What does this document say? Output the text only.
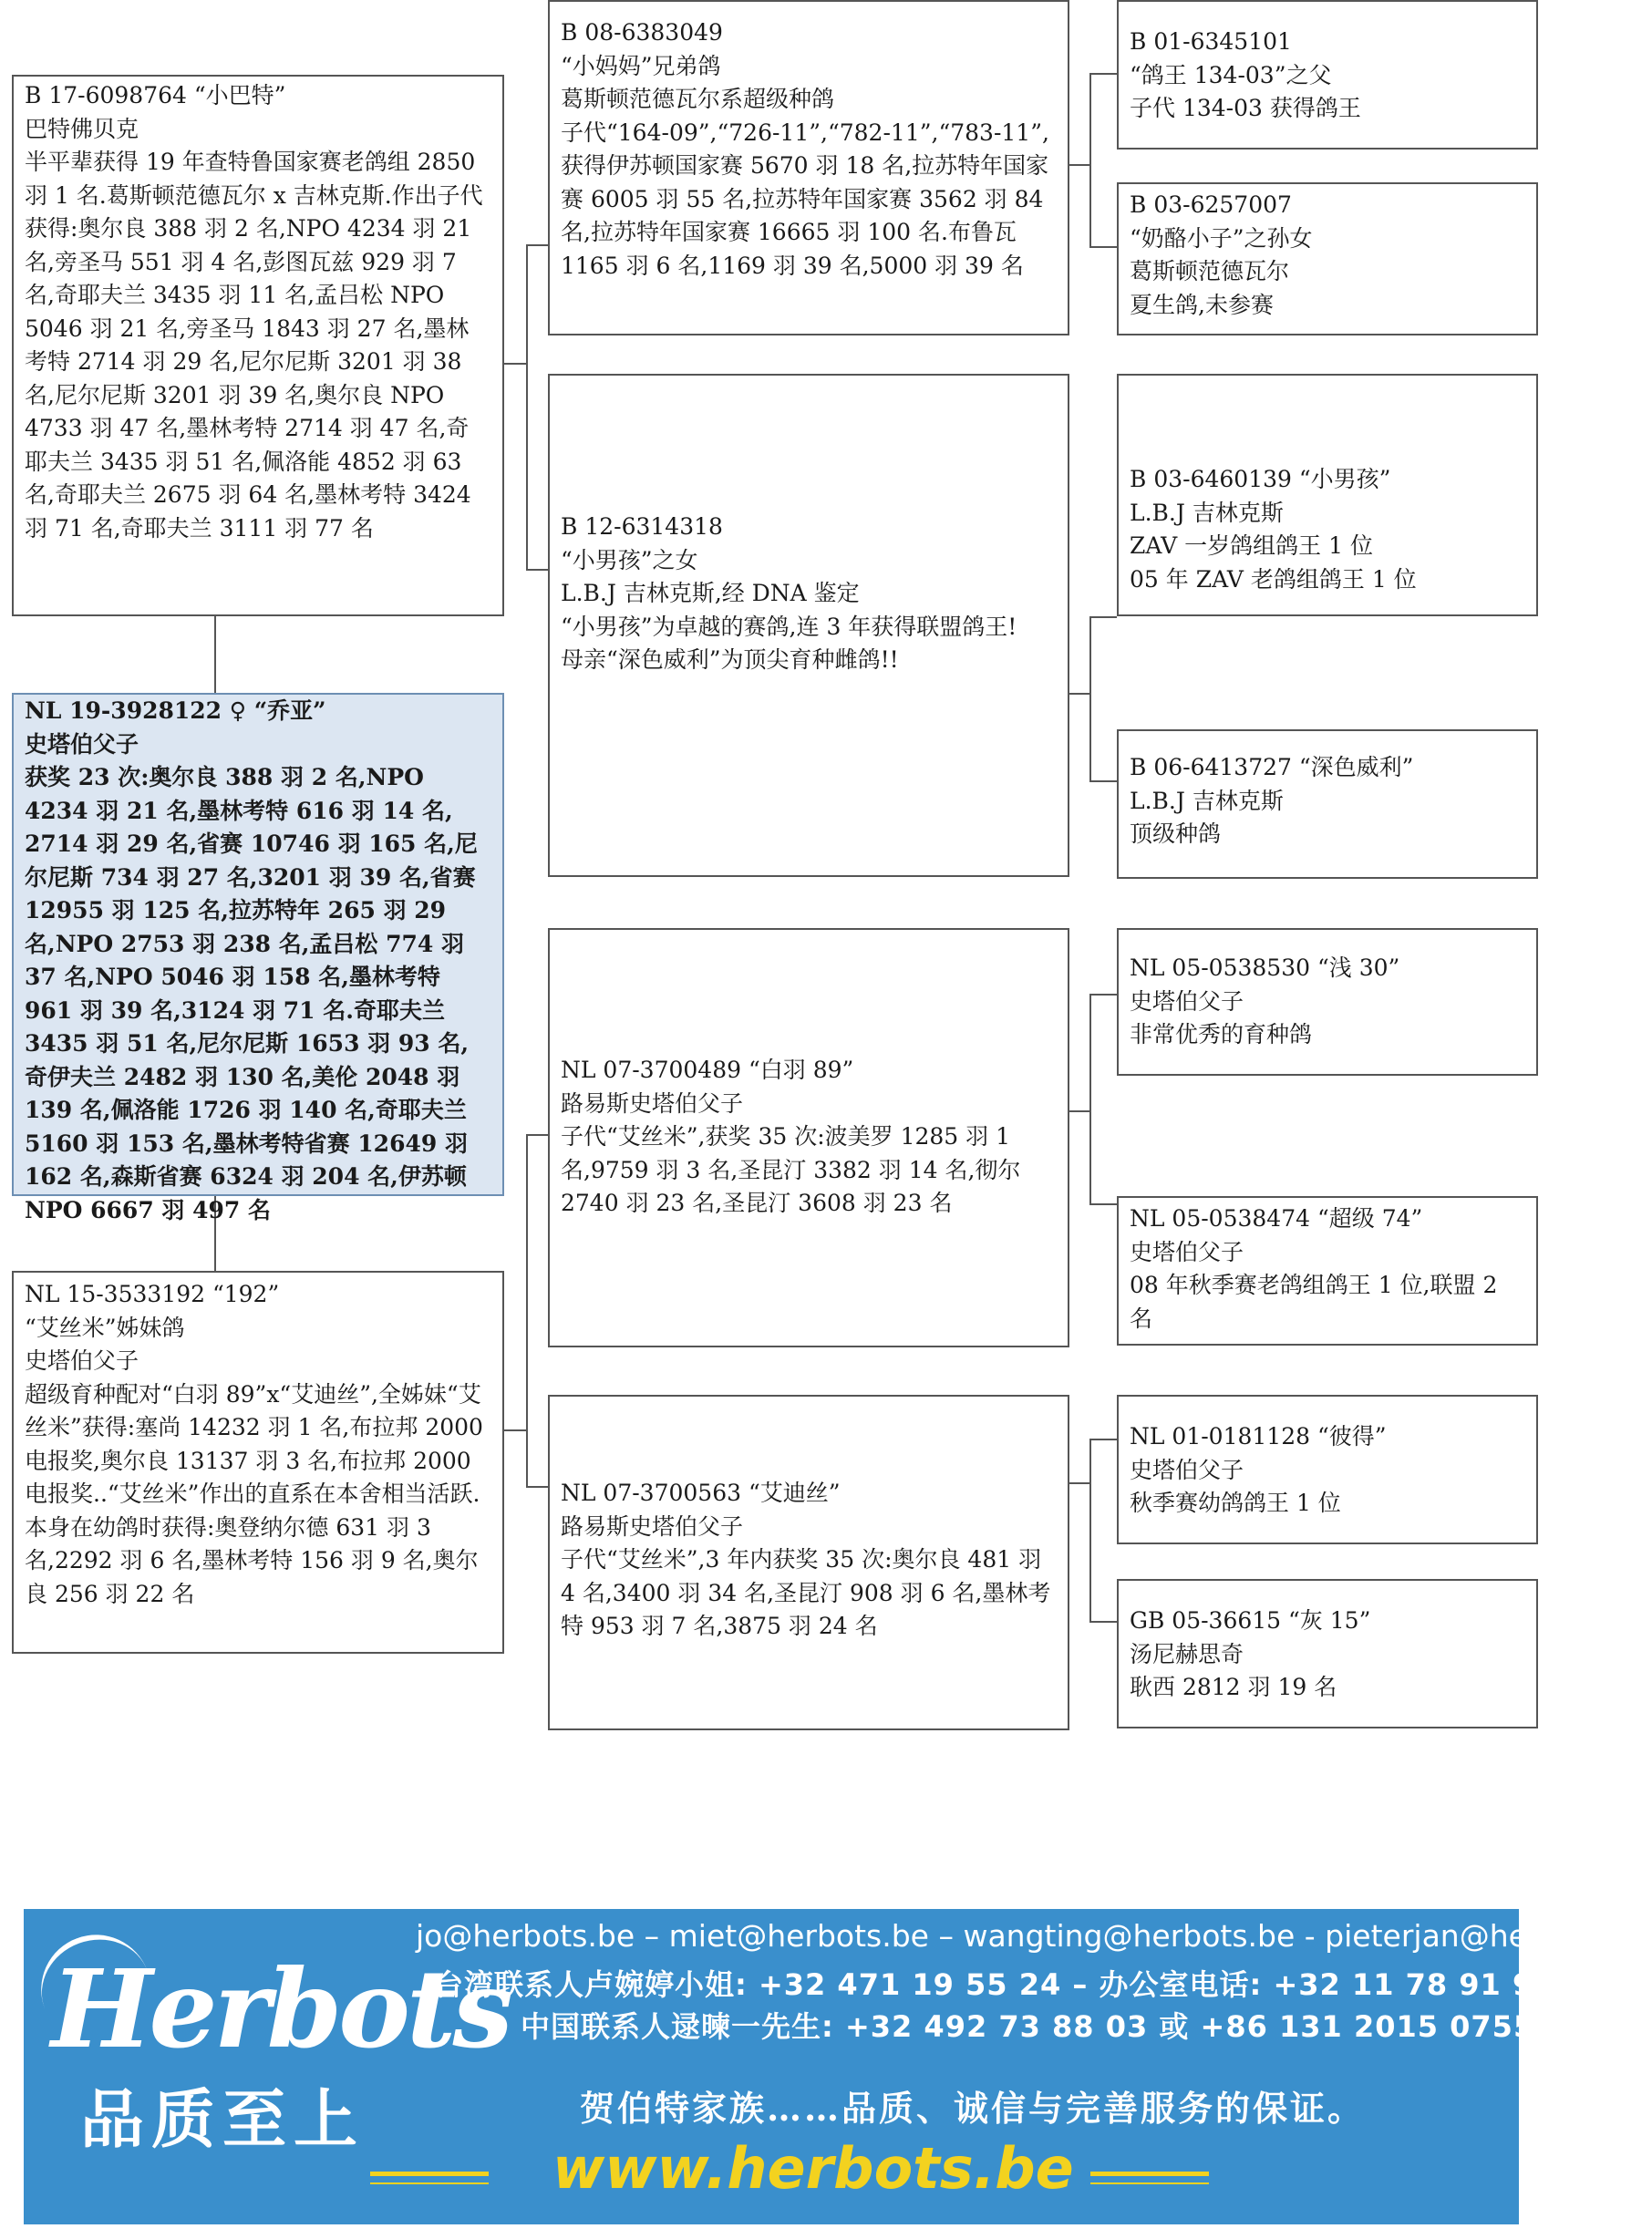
B 17-6098764 “小巴特”
巴特佛贝克
半平辈获得 19 年查特鲁国家赛老鸽组 2850 羽 1 名.葛斯顿范德瓦尔 x 吉林克斯.作出子代获得:奥尔良 388 羽 2 名,NPO 4234 羽 21 名,旁圣马 551 羽 4 名,彭图瓦兹 929 羽 7 名,奇耶夫兰 3435 羽 11 名,孟吕松 NPO 5046 羽 21 名,旁圣马 1843 羽 27 名,墨林考特 2714 羽 29 名,尼尔尼斯 3201 羽 38 名,尼尔尼斯 3201 羽 39 名,奥尔良 NPO 4733 羽 47 名,墨林考特 2714 羽 47 名,奇耶夫兰 3435 羽 51 名,佩洛能 4852 羽 63 名,奇耶夫兰 2675 羽 64 名,墨林考特 3424 羽 71 名,奇耶夫兰 3111 羽 77 名
NL 19-3928122 ♀ “乔亚”
史塔伯父子
获奖 23 次:奥尔良 388 羽 2 名,NPO 4234 羽 21 名,墨林考特 616 羽 14 名, 2714 羽 29 名,省赛 10746 羽 165 名,尼尔尼斯 734 羽 27 名,3201 羽 39 名,省赛 12955 羽 125 名,拉苏特年 265 羽 29 名,NPO 2753 羽 238 名,孟吕松 774 羽 37 名,NPO 5046 羽 158 名,墨林考特 961 羽 39 名,3124 羽 71 名.奇耶夫兰 3435 羽 51 名,尼尔尼斯 1653 羽 93 名,奇伊夫兰 2482 羽 130 名,美伦 2048 羽 139 名,佩洛能 1726 羽 140 名,奇耶夫兰 5160 羽 153 名,墨林考特省赛 12649 羽 162 名,森斯省赛 6324 羽 204 名,伊苏顿 NPO 6667 羽 497 名
NL 15-3533192 “192”
“艾丝米”姊妹鸽
史塔伯父子
超级育种配对“白羽 89”x“艾迪丝”,全姊妹“艾丝米”获得:塞尚 14232 羽 1 名,布拉邦 2000 电报奖,奥尔良 13137 羽 3 名,布拉邦 2000 电报奖..“艾丝米”作出的直系在本舍相当活跃.本身在幼鸽时获得:奥登纳尔德 631 羽 3 名,2292 羽 6 名,墨林考特 156 羽 9 名,奥尔良 256 羽 22 名
B 08-6383049
“小妈妈”兄弟鸽
葛斯顿范德瓦尔系超级种鸽
子代“164-09”,“726-11”,“782-11”,“783-11”,获得伊苏顿国家赛 5670 羽 18 名,拉苏特年国家赛 6005 羽 55 名,拉苏特年国家赛 3562 羽 84 名,拉苏特年国家赛 16665 羽 100 名.布鲁瓦 1165 羽 6 名,1169 羽 39 名,5000 羽 39 名
B 12-6314318
“小男孩”之女
L.B.J 吉林克斯,经 DNA 鉴定
“小男孩”为卓越的赛鸽,连 3 年获得联盟鸽王!
母亲“深色威利”为顶尖育种雌鸽!!
NL 07-3700489 “白羽 89”
路易斯史塔伯父子
子代“艾丝米”,获奖 35 次:波美罗 1285 羽 1 名,9759 羽 3 名,圣昆汀 3382 羽 14 名,彻尔 2740 羽 23 名,圣昆汀 3608 羽 23 名
NL 07-3700563 “艾迪丝”
路易斯史塔伯父子
子代“艾丝米”,3 年内获奖 35 次:奥尔良 481 羽 4 名,3400 羽 34 名,圣昆汀 908 羽 6 名,墨林考特 953 羽 7 名,3875 羽 24 名
B 01-6345101
“鸽王 134-03”之父
子代 134-03 获得鸽王
B 03-6257007
“奶酪小子”之孙女
葛斯顿范德瓦尔
夏生鸽,未参赛
B 03-6460139 “小男孩”
L.B.J 吉林克斯
ZAV 一岁鸽组鸽王 1 位
05 年 ZAV 老鸽组鸽王 1 位
B 06-6413727 “深色威利”
L.B.J 吉林克斯
顶级种鸽
NL 05-0538530 “浅 30”
史塔伯父子
非常优秀的育种鸽
NL 05-0538474 “超级 74”
史塔伯父子
08 年秋季赛老鸽组鸽王 1 位,联盟 2 名
NL 01-0181128 “彼得”
史塔伯父子
秋季赛幼鸽鸽王 1 位
GB 05-36615 “灰 15”
汤尼赫思奇
耿西 2812 羽 19 名
Herbots
品质至上
jo@herbots.be – miet@herbots.be – wangting@herbots.be - pieterjan@herbots.be
台湾联系人卢婉婷小姐: +32 471 19 55 24 – 办公室电话: +32 11 78 91 90
中国联系人逯暕一先生: +32 492 73 88 03 或 +86 131 2015 0755
贺伯特家族……品质、诚信与完善服务的保证。
www.herbots.be
